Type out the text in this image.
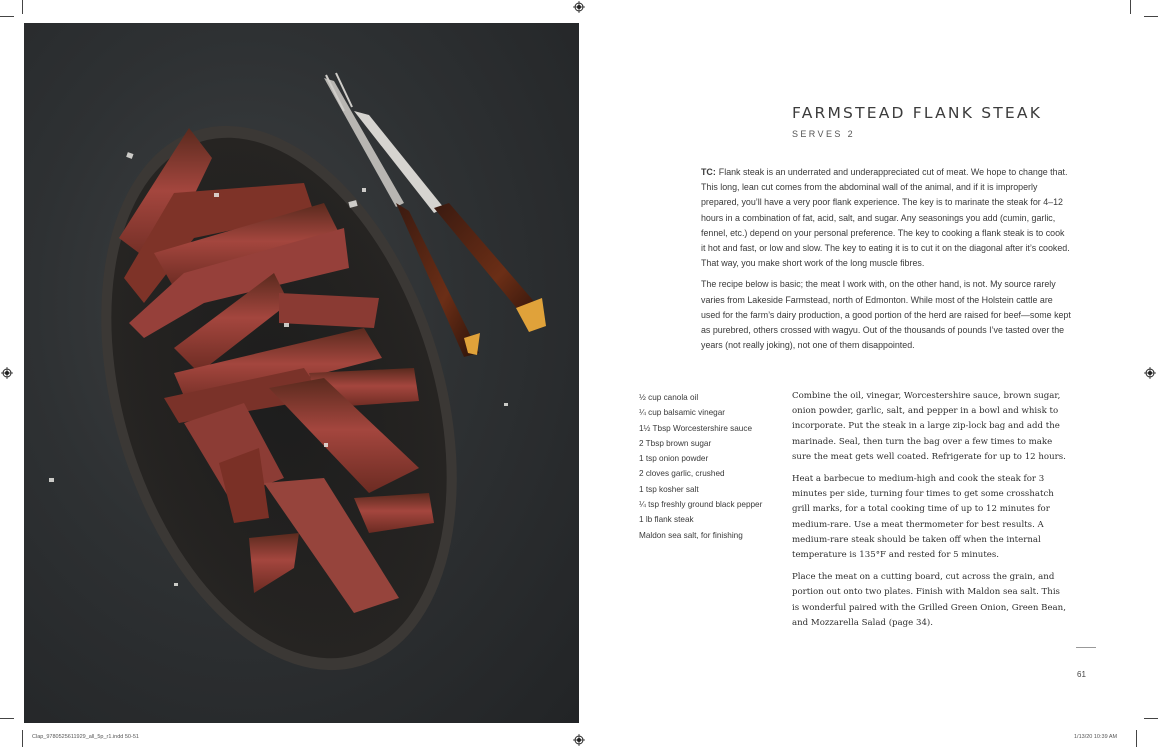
FARMSTEAD FLANK STEAK
SERVES 2

TC: Flank steak is an underrated and underappreciated cut of meat. We hope to change that. This long, lean cut comes from the abdominal wall of the animal, and if it is improperly prepared, you’ll have a very poor flank experience. The key is to marinate the steak for 4–12 hours in a combination of fat, acid, salt, and sugar. Any seasonings you add (cumin, garlic, fennel, etc.) depend on your personal preference. The key to cooking a flank steak is to cook it hot and fast, or low and slow. The key to eating it is to cut it on the diagonal after it’s cooked. That way, you make short work of the long muscle fibres.

The recipe below is basic; the meat I work with, on the other hand, is not. My source rarely varies from Lakeside Farmstead, north of Edmonton. While most of the Holstein cattle are used for the farm’s dairy production, a good portion of the herd are raised for beef—some kept as purebred, others crossed with wagyu. Out of the thousands of pounds I’ve tasted over the years (not really joking), not one of them disappointed.

½ cup canola oil
¼ cup balsamic vinegar
1½ Tbsp Worcestershire sauce
2 Tbsp brown sugar
1 tsp onion powder
2 cloves garlic, crushed
1 tsp kosher salt
¼ tsp freshly ground black pepper
1 lb flank steak
Maldon sea salt, for finishing

Combine the oil, vinegar, Worcestershire sauce, brown sugar, onion powder, garlic, salt, and pepper in a bowl and whisk to incorporate. Put the steak in a large zip-lock bag and add the marinade. Seal, then turn the bag over a few times to make sure the meat gets well coated. Refrigerate for up to 12 hours.

Heat a barbecue to medium-high and cook the steak for 3 minutes per side, turning four times to get some crosshatch grill marks, for a total cooking time of up to 12 minutes for medium-rare. Use a meat thermometer for best results. A medium-rare steak should be taken off when the internal temperature is 135°F and rested for 5 minutes.

Place the meat on a cutting board, cut across the grain, and portion out onto two plates. Finish with Maldon sea salt. This is wonderful paired with the Grilled Green Onion, Green Bean, and Mozzarella Salad (page 34).

61
Clap_9780525611929_all_5p_r1.indd 50-51	1/13/20 10:39 AM
